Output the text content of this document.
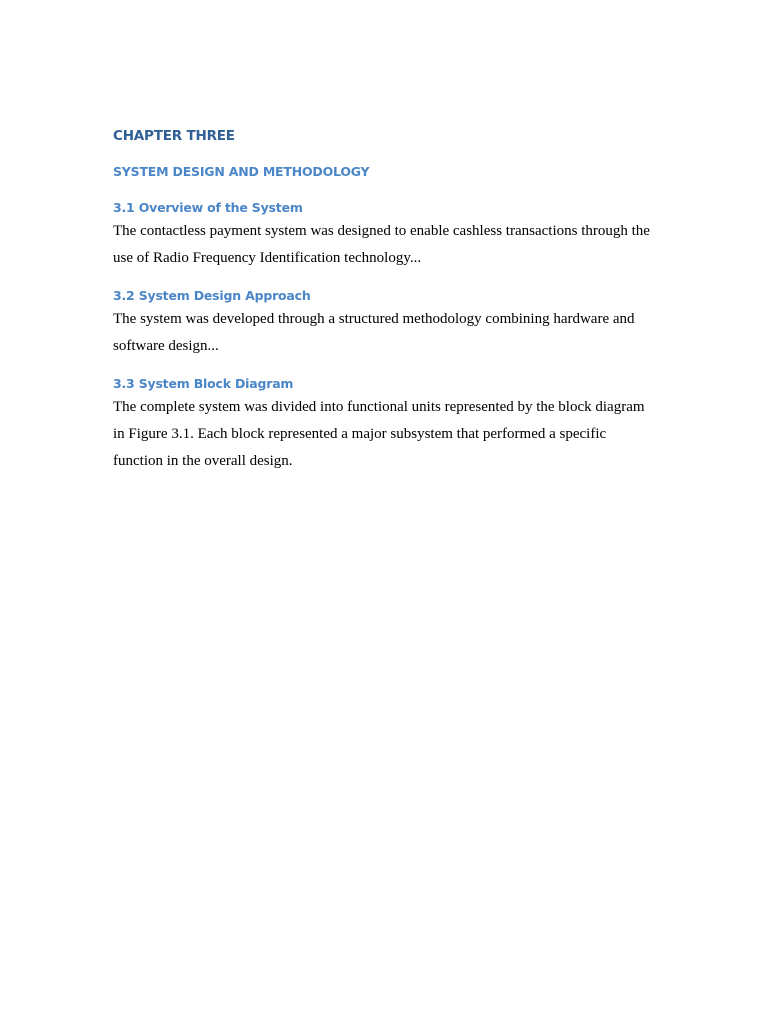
CHAPTER THREE
SYSTEM DESIGN AND METHODOLOGY
3.1 Overview of the System

The contactless payment system was designed to enable cashless transactions through the use of Radio Frequency Identification technology...

3.2 System Design Approach

The system was developed through a structured methodology combining hardware and software design...

3.3 System Block Diagram

The complete system was divided into functional units represented by the block diagram in Figure 3.1. Each block represented a major subsystem that performed a specific function in the overall design.
